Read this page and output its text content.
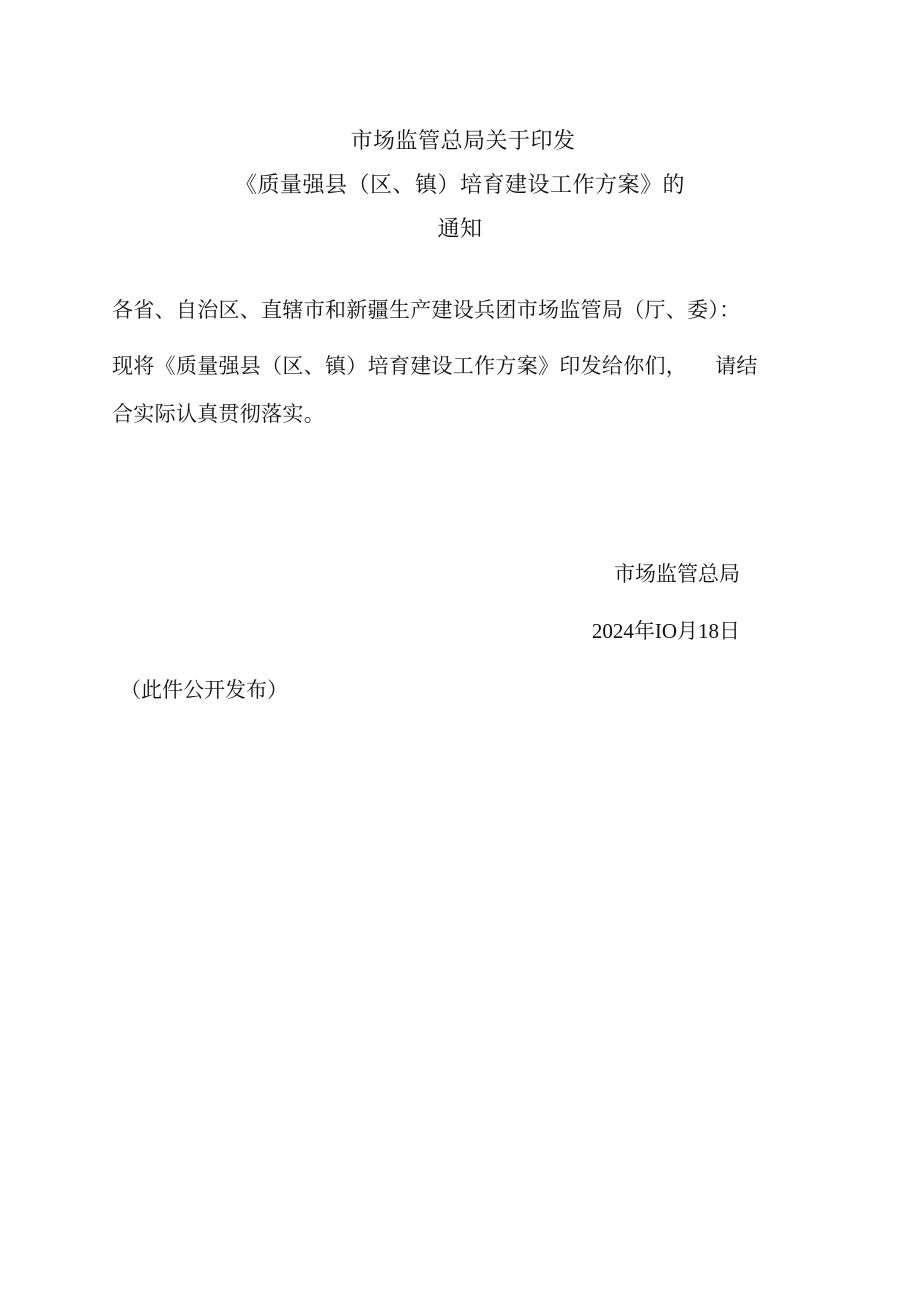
市场监管总局关于印发
《质量强县（区、镇）培育建设工作方案》的
通知
各省、自治区、直辖市和新疆生产建设兵团市场监管局（厅、委）：
现将《质量强县（区、镇）培育建设工作方案》印发给你们， 请结
合实际认真贯彻落实。
市场监管总局
2024年IO月18日
（此件公开发布）
